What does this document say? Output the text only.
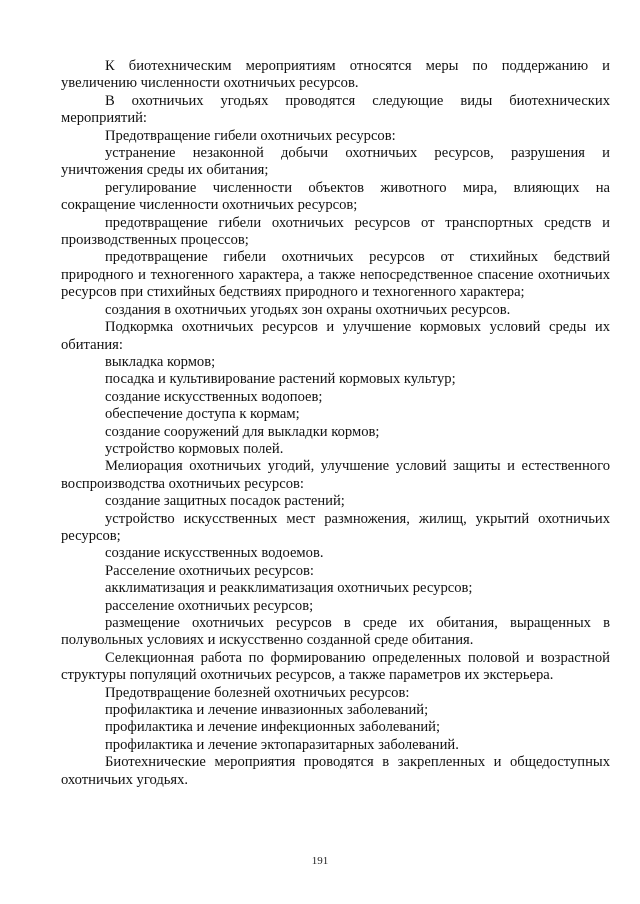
К биотехническим мероприятиям относятся меры по поддержанию и увеличению численности охотничьих ресурсов.

В охотничьих угодьях проводятся следующие виды биотехнических мероприятий:

Предотвращение гибели охотничьих ресурсов:

устранение незаконной добычи охотничьих ресурсов, разрушения и уничтожения среды их обитания;

регулирование численности объектов животного мира, влияющих на сокращение численности охотничьих ресурсов;

предотвращение гибели охотничьих ресурсов от транспортных средств и производственных процессов;

предотвращение гибели охотничьих ресурсов от стихийных бедствий природного и техногенного характера, а также непосредственное спасение охотничьих ресурсов при стихийных бедствиях природного и техногенного характера;

создания в охотничьих угодьях зон охраны охотничьих ресурсов.

Подкормка охотничьих ресурсов и улучшение кормовых условий среды их обитания:

выкладка кормов;

посадка и культивирование растений кормовых культур;

создание искусственных водопоев;

обеспечение доступа к кормам;

создание сооружений для выкладки кормов;

устройство кормовых полей.

Мелиорация охотничьих угодий, улучшение условий защиты и естественного воспроизводства охотничьих ресурсов:

создание защитных посадок растений;

устройство искусственных мест размножения, жилищ, укрытий охотничьих ресурсов;

создание искусственных водоемов.

Расселение охотничьих ресурсов:

акклиматизация и реакклиматизация охотничьих ресурсов;

расселение охотничьих ресурсов;

размещение охотничьих ресурсов в среде их обитания, выращенных в полувольных условиях и искусственно созданной среде обитания.

Селекционная работа по формированию определенных половой и возрастной структуры популяций охотничьих ресурсов, а также параметров их экстерьера.

Предотвращение болезней охотничьих ресурсов:

профилактика и лечение инвазионных заболеваний;

профилактика и лечение инфекционных заболеваний;

профилактика и лечение эктопаразитарных заболеваний.

Биотехнические мероприятия проводятся в закрепленных и общедоступных охотничьих угодьях.

191
